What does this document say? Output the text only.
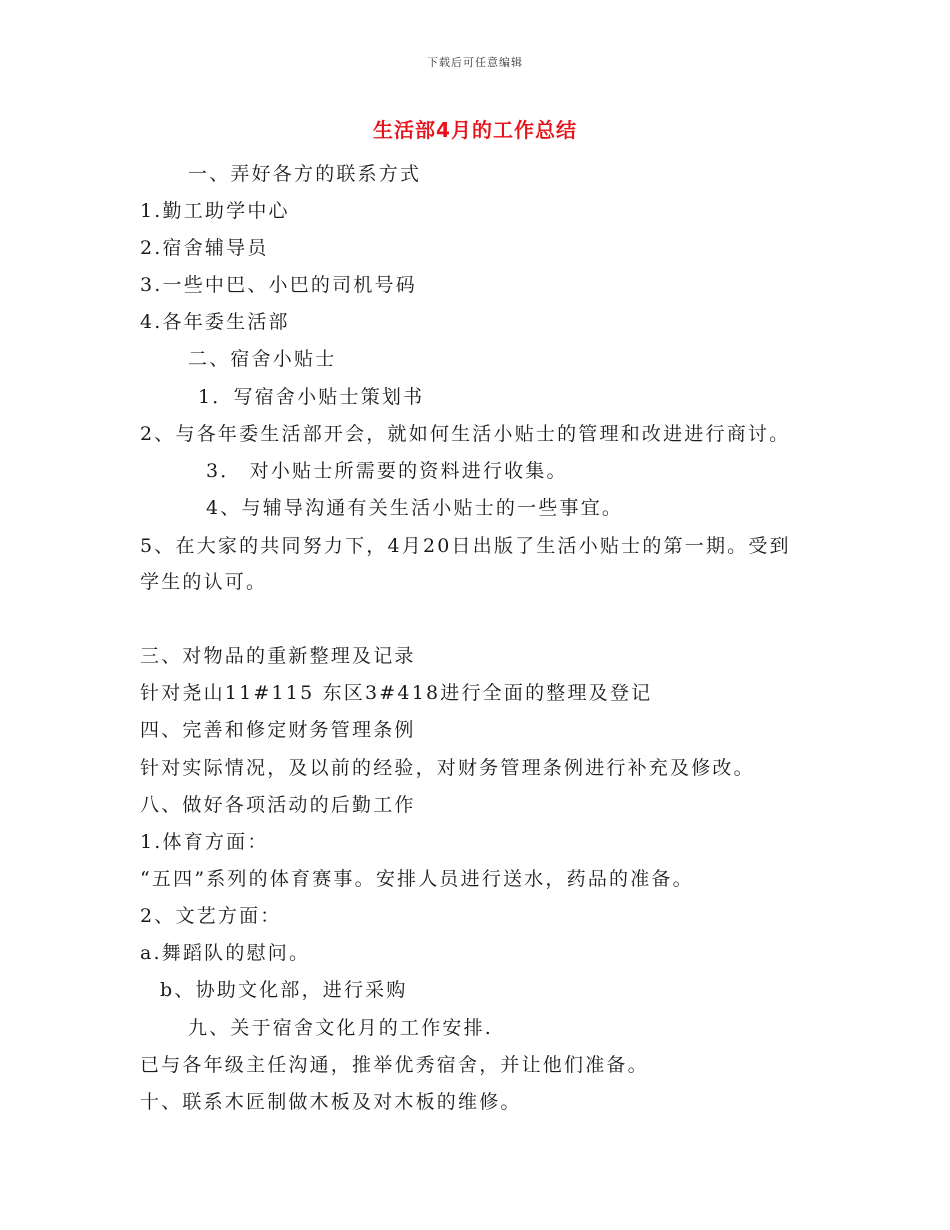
下载后可任意编辑
生活部4月的工作总结
一、弄好各方的联系方式
1.勤工助学中心
2.宿舍辅导员
3.一些中巴、小巴的司机号码
4.各年委生活部
二、宿舍小贴士
1．写宿舍小贴士策划书
2、与各年委生活部开会，就如何生活小贴士的管理和改进进行商讨。
3． 对小贴士所需要的资料进行收集。
4、与辅导沟通有关生活小贴士的一些事宜。
5、在大家的共同努力下，4月20日出版了生活小贴士的第一期。受到
学生的认可。
三、对物品的重新整理及记录
针对尧山11#115 东区3#418进行全面的整理及登记
四、完善和修定财务管理条例
针对实际情况，及以前的经验，对财务管理条例进行补充及修改。
八、做好各项活动的后勤工作
1.体育方面：
“五四”系列的体育赛事。安排人员进行送水，药品的准备。
2、文艺方面：
a.舞蹈队的慰问。
b、协助文化部，进行采购
九、关于宿舍文化月的工作安排.
已与各年级主任沟通，推举优秀宿舍，并让他们准备。
十、联系木匠制做木板及对木板的维修。
